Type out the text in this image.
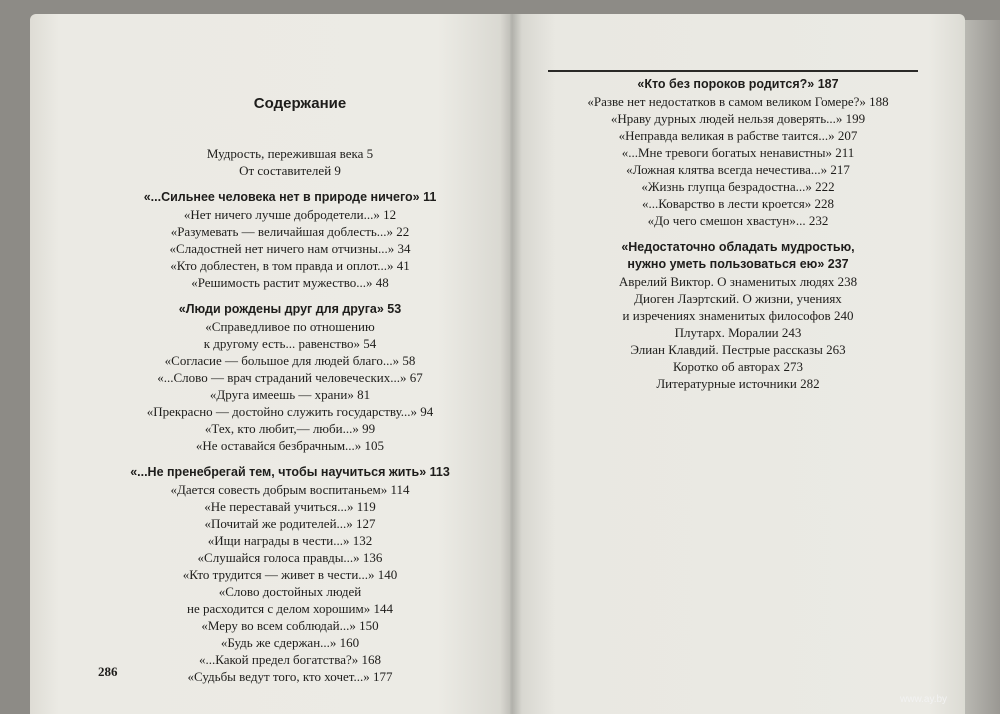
Содержание
Мудрость, пережившая века 5
От составителей 9
«...Сильнее человека нет в природе ничего» 11
«Нет ничего лучше добродетели...» 12
«Разумевать — величайшая доблесть...» 22
«Сладостней нет ничего нам отчизны...» 34
«Кто доблестен, в том правда и оплот...» 41
«Решимость растит мужество...» 48
«Люди рождены друг для друга» 53
«Справедливое по отношению
к другому есть... равенство» 54
«Согласие — большое для людей благо...» 58
«...Слово — врач страданий человеческих...» 67
«Друга имеешь — храни» 81
«Прекрасно — достойно служить государству...» 94
«Тех, кто любит,— люби...» 99
«Не оставайся безбрачным...» 105
«...Не пренебрегай тем, чтобы научиться жить» 113
«Дается совесть добрым воспитаньем» 114
«Не переставай учиться...» 119
«Почитай же родителей...» 127
«Ищи награды в чести...» 132
«Слушайся голоса правды...» 136
«Кто трудится — живет в чести...» 140
«Слово достойных людей
не расходится с делом хорошим» 144
«Меру во всем соблюдай...» 150
«Будь же сдержан...» 160
«...Какой предел богатства?» 168
«Судьбы ведут того, кто хочет...» 177
«Кто без пороков родится?» 187
«Разве нет недостатков в самом великом Гомере?» 188
«Нраву дурных людей нельзя доверять...» 199
«Неправда великая в рабстве таится...» 207
«...Мне тревоги богатых ненавистны» 211
«Ложная клятва всегда нечестива...» 217
«Жизнь глупца безрадостна...» 222
«...Коварство в лести кроется» 228
«До чего смешон хвастун»... 232
«Недостаточно обладать мудростью,
нужно уметь пользоваться ею» 237
Аврелий Виктор. О знаменитых людях 238
Диоген Лаэртский. О жизни, учениях
и изречениях знаменитых философов 240
Плутарх. Моралии 243
Элиан Клавдий. Пестрые рассказы 263
Коротко об авторах 273
Литературные источники 282
286
www.ay.by
